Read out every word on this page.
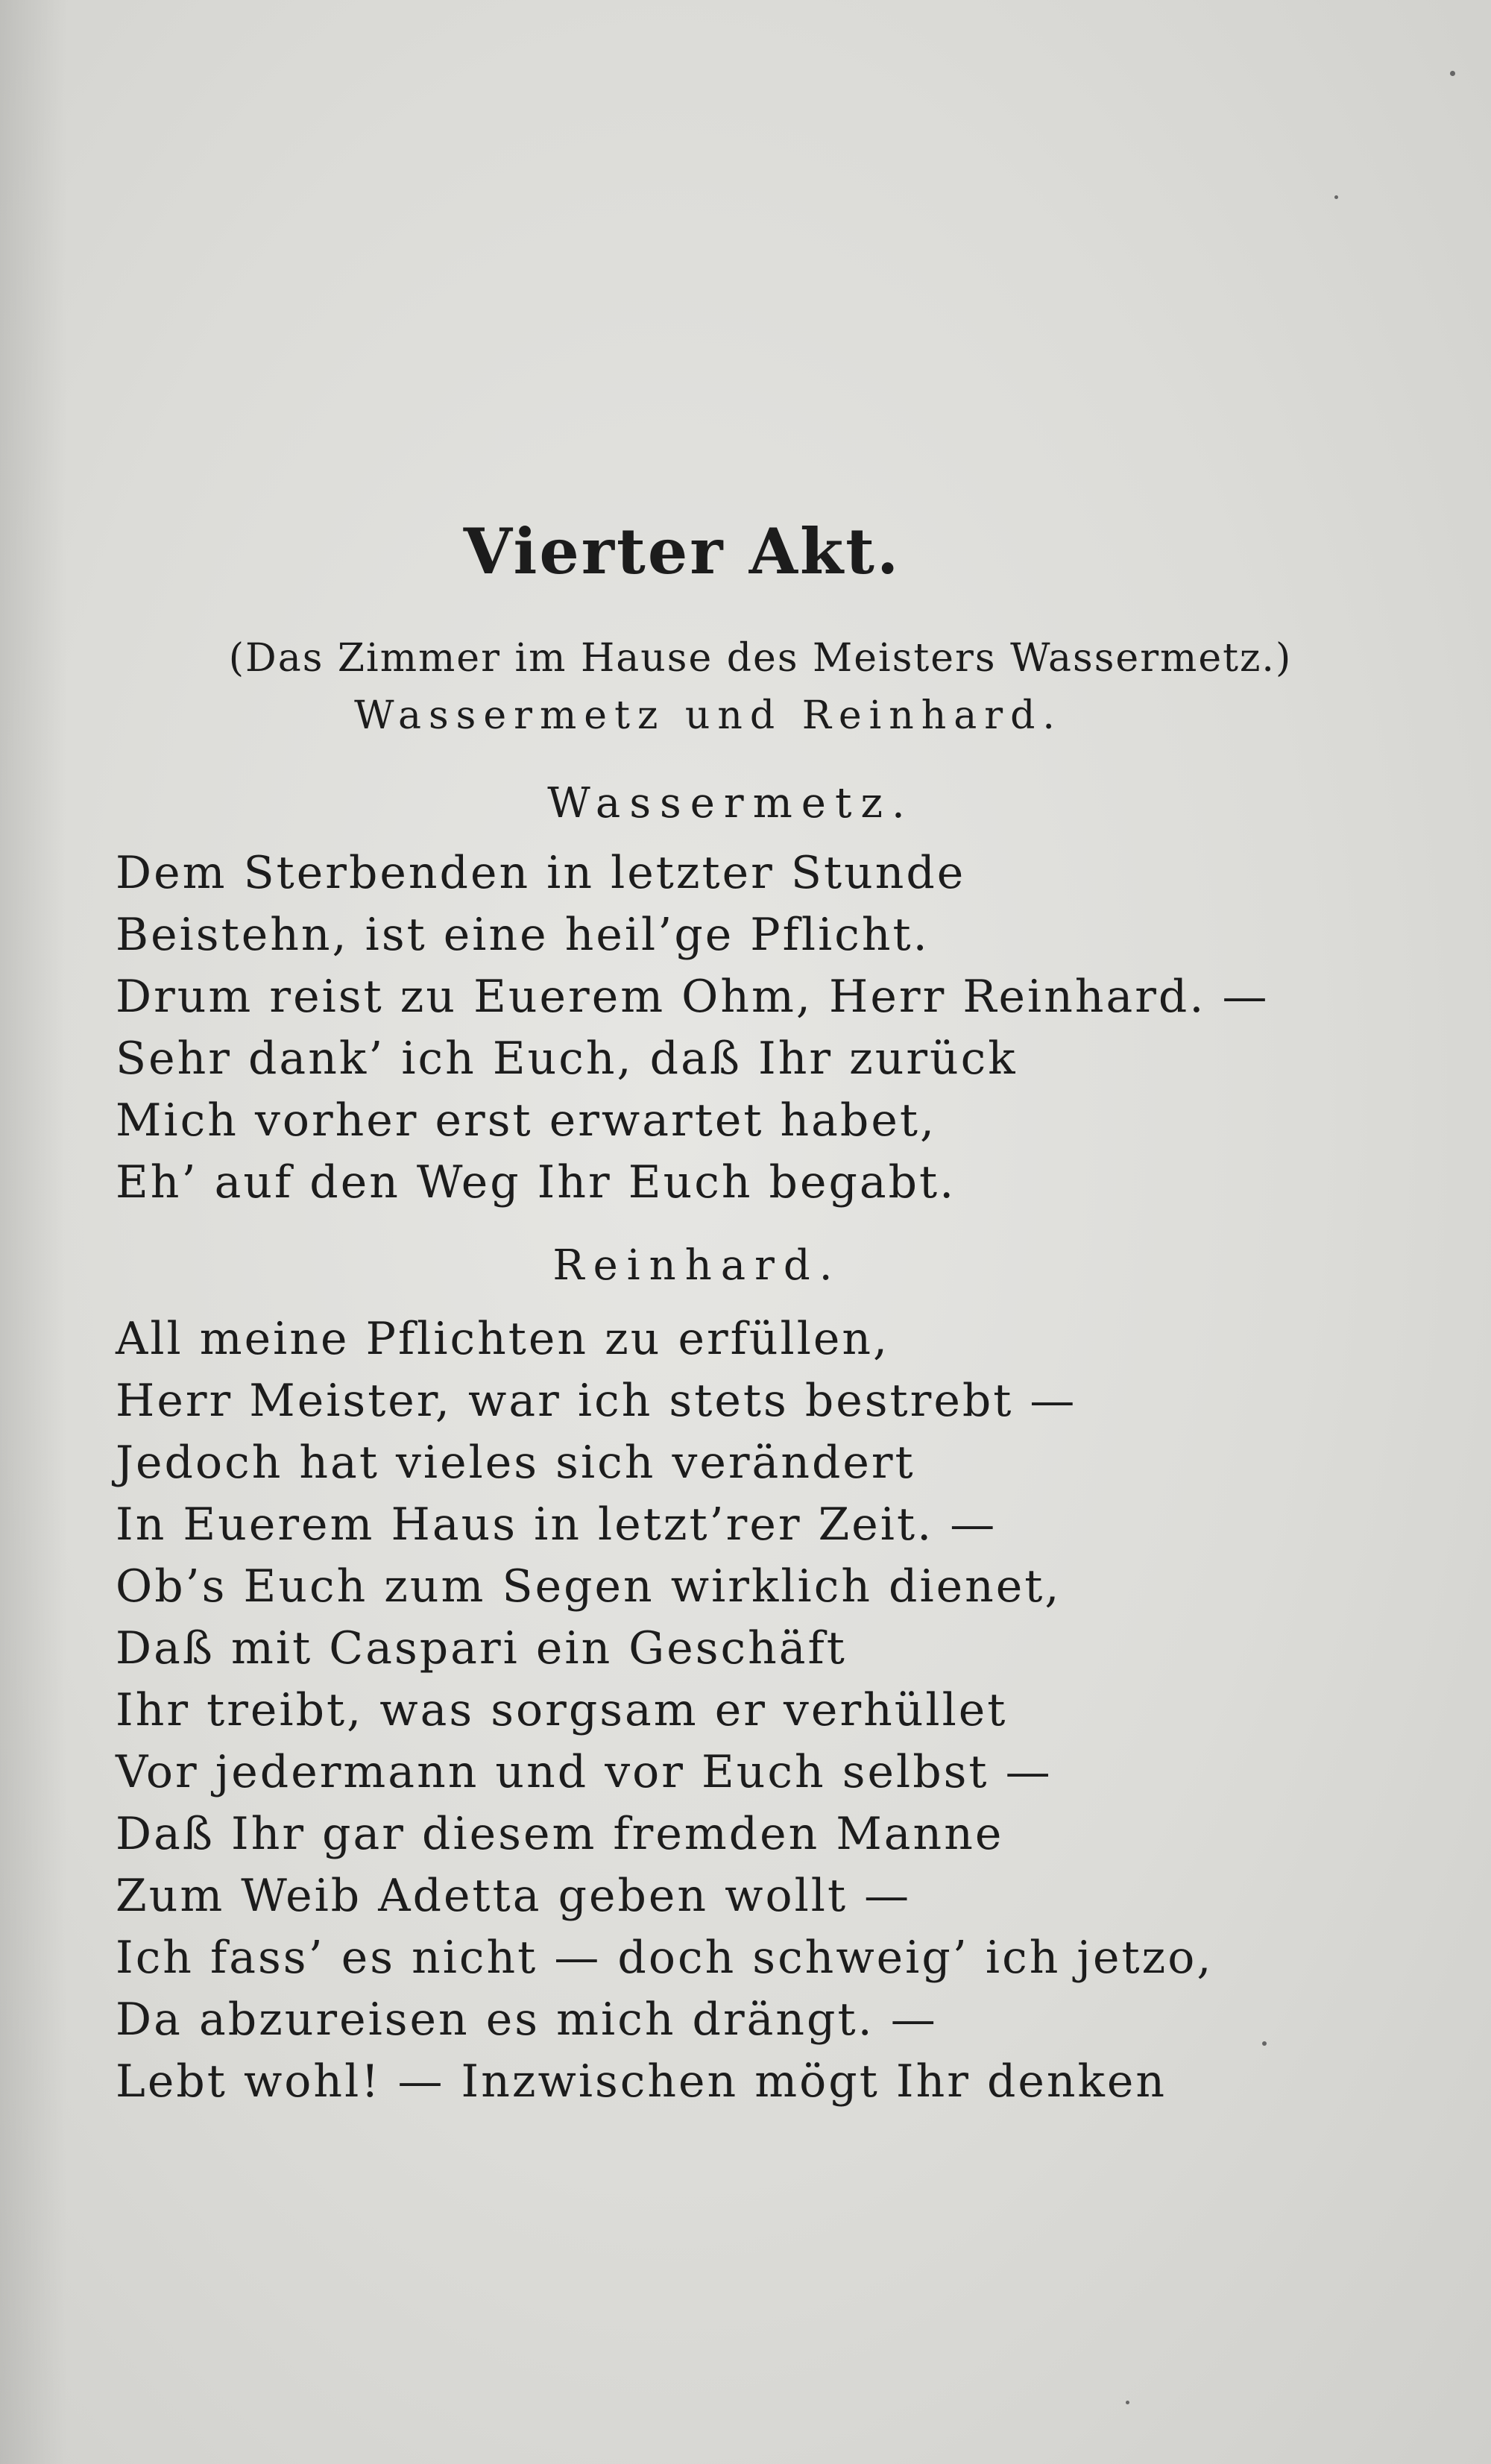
Vierter Akt.
(Das Zimmer im Hause des Meisters Wassermetz.)
Wassermetz und Reinhard.
Wassermetz.
Dem Sterbenden in letzter Stunde
Beistehn, ist eine heil’ge Pflicht.
Drum reist zu Euerem Ohm, Herr Reinhard. —
Sehr dank’ ich Euch, daß Ihr zurück
Mich vorher erst erwartet habet,
Eh’ auf den Weg Ihr Euch begabt.
Reinhard.
All meine Pflichten zu erfüllen,
Herr Meister, war ich stets bestrebt —
Jedoch hat vieles sich verändert
In Euerem Haus in letzt’rer Zeit. —
Ob’s Euch zum Segen wirklich dienet,
Daß mit Caspari ein Geschäft
Ihr treibt, was sorgsam er verhüllet
Vor jedermann und vor Euch selbst —
Daß Ihr gar diesem fremden Manne
Zum Weib Adetta geben wollt —
Ich fass’ es nicht — doch schweig’ ich jetzo,
Da abzureisen es mich drängt. —
Lebt wohl! — Inzwischen mögt Ihr denken
